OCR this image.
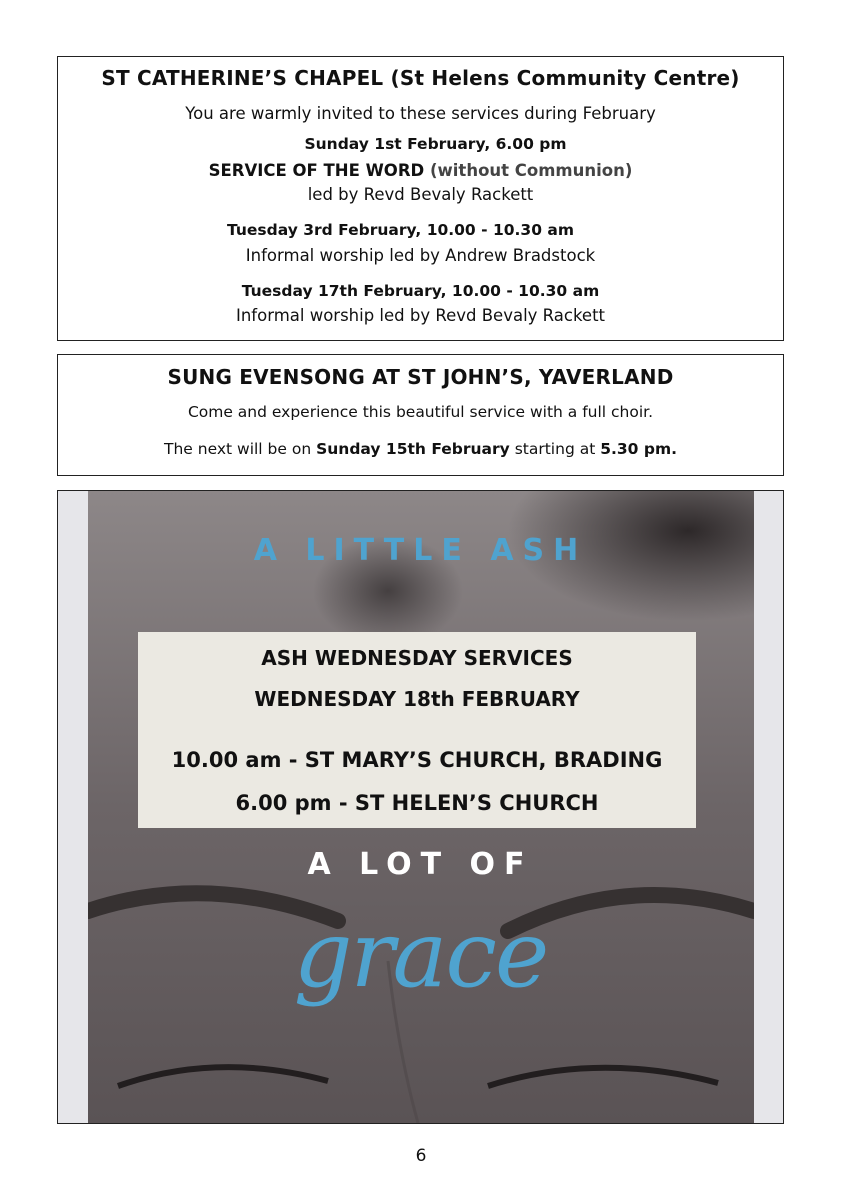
ST CATHERINE’S CHAPEL (St Helens Community Centre)
You are warmly invited to these services during February
Sunday 1st February, 6.00 pm
SERVICE OF THE WORD (without Communion)
led by Revd Bevaly Rackett
Tuesday 3rd February, 10.00 - 10.30 am
Informal worship led by Andrew Bradstock
Tuesday 17th February, 10.00 - 10.30 am
Informal worship led by Revd Bevaly Rackett
SUNG EVENSONG AT ST JOHN’S, YAVERLAND
Come and experience this beautiful service with a full choir.
The next will be on Sunday 15th February starting at 5.30 pm.
A LITTLE ASH
ASH WEDNESDAY SERVICES
WEDNESDAY 18th FEBRUARY
10.00 am - ST MARY’S CHURCH, BRADING
6.00 pm - ST HELEN’S CHURCH
A LOT OF
grace
6
